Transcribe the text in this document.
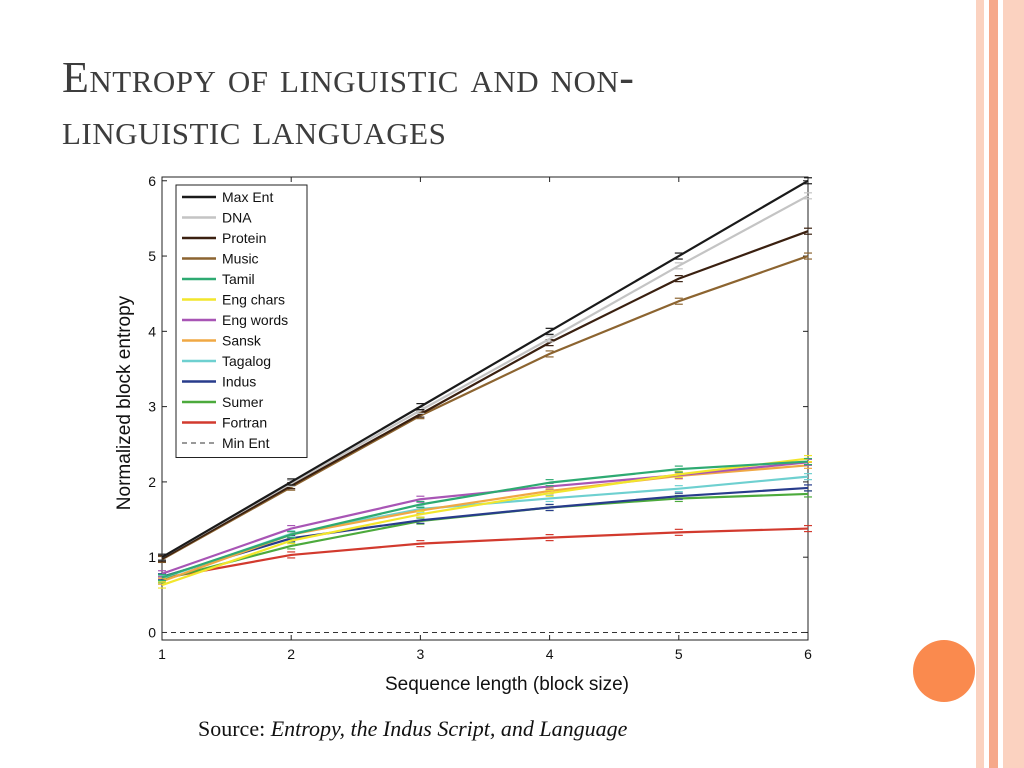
Entropy of linguistic and non-
linguistic languages
1	2	3	4	5	6
0
1
2
3
4
5
6
Max Ent
DNA
Protein
Music
Tamil
Eng chars
Eng words
Sansk
Tagalog
Indus
Sumer
Fortran
Min Ent
Sequence length (block size)
Normalized block entropy
Source: Entropy, the Indus Script, and Language
